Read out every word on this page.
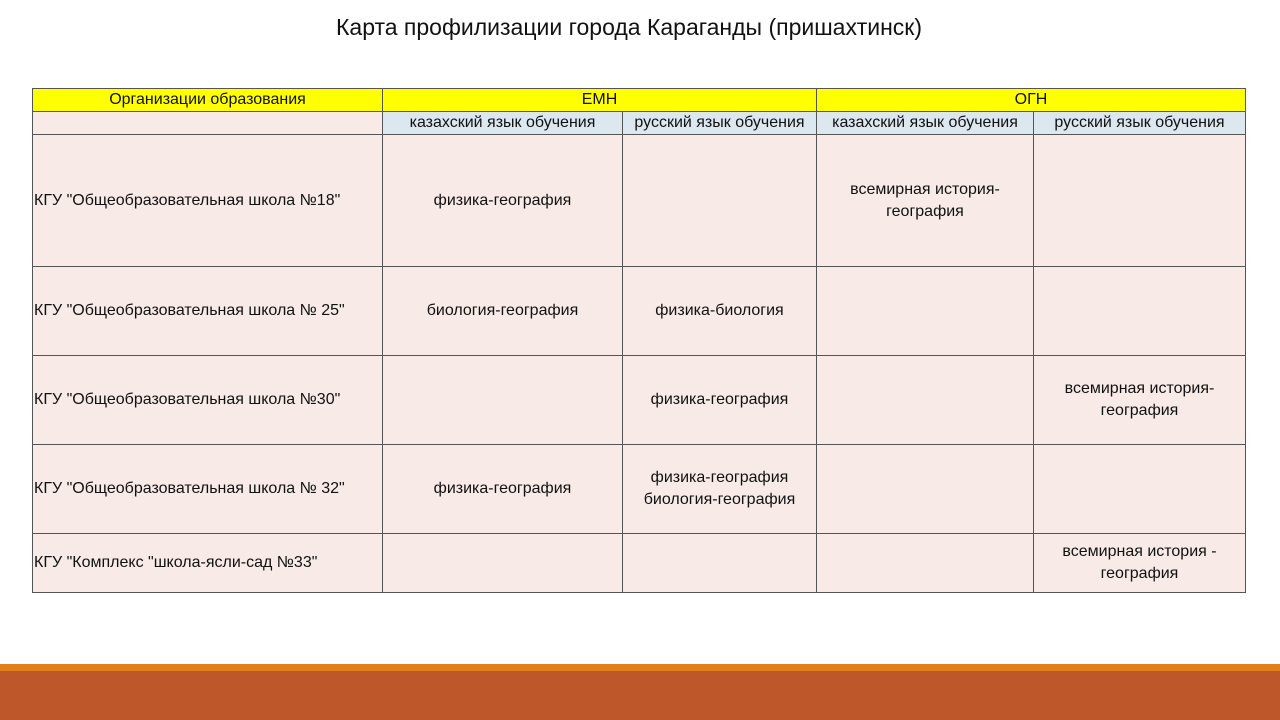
Карта профилизации города Караганды (пришахтинск)
Организации образования	ЕМН		ОГН	
	казахский язык обучения	русский язык обучения	казахский язык обучения	русский язык обучения
КГУ "Общеобразовательная школа №18"	физика-география		всемирная история-
география	

КГУ "Общеобразовательная школа № 25"	биология-география	физика-биология		

КГУ "Общеобразовательная школа №30"		физика-география		всемирная история-
география

КГУ "Общеобразовательная школа № 32"	физика-география	физика-география
биология-география		

КГУ "Комплекс "школа-ясли-сад №33"				всемирная история -
география
